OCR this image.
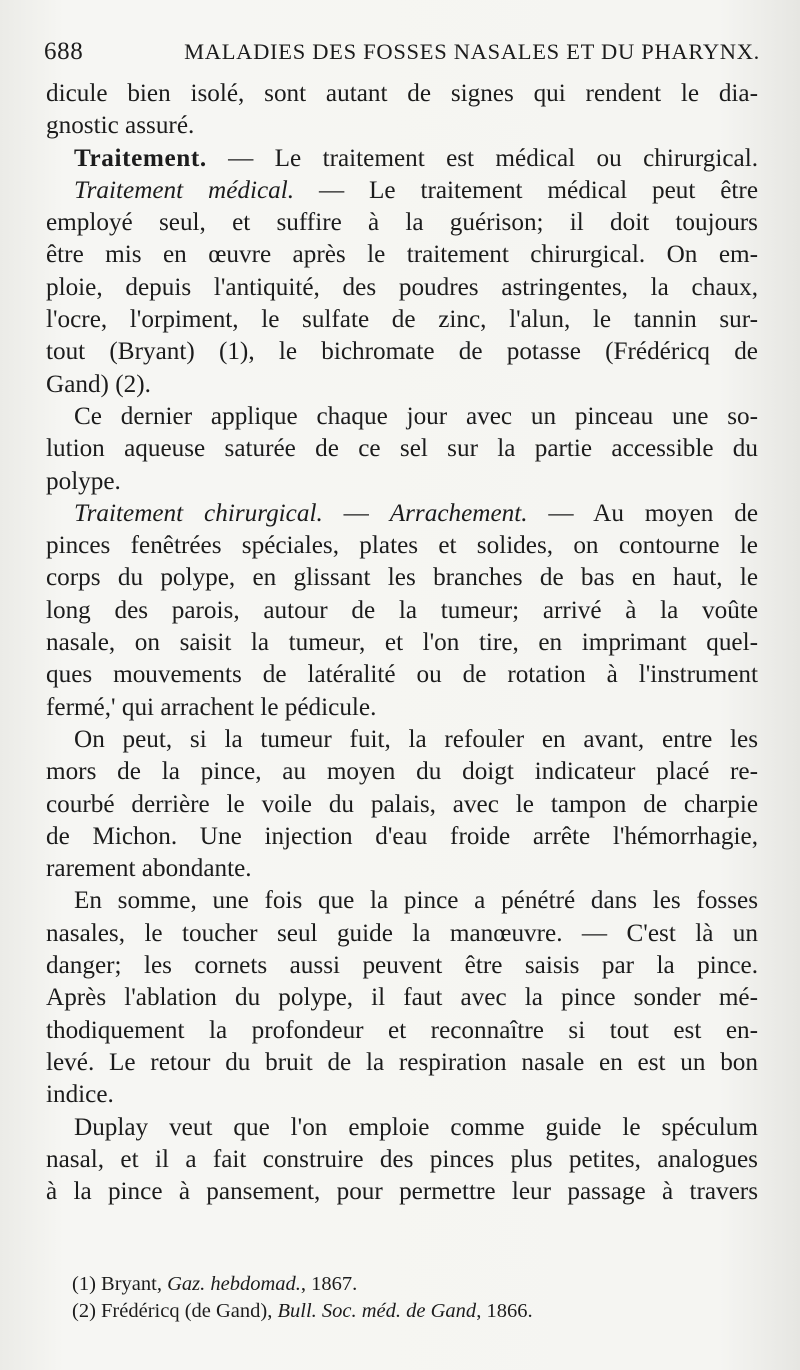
688	MALADIES DES FOSSES NASALES ET DU PHARYNX.
dicule bien isolé, sont autant de signes qui rendent le dia-
gnostic assuré.
Traitement. — Le traitement est médical ou chirurgical.
Traitement médical. — Le traitement médical peut être
employé seul, et suffire à la guérison; il doit toujours
être mis en œuvre après le traitement chirurgical. On em-
ploie, depuis l'antiquité, des poudres astringentes, la chaux,
l'ocre, l'orpiment, le sulfate de zinc, l'alun, le tannin sur-
tout (Bryant) (1), le bichromate de potasse (Frédéricq de
Gand) (2).
Ce dernier applique chaque jour avec un pinceau une so-
lution aqueuse saturée de ce sel sur la partie accessible du
polype.
Traitement chirurgical. — Arrachement. — Au moyen de
pinces fenêtrées spéciales, plates et solides, on contourne le
corps du polype, en glissant les branches de bas en haut, le
long des parois, autour de la tumeur; arrivé à la voûte
nasale, on saisit la tumeur, et l'on tire, en imprimant quel-
ques mouvements de latéralité ou de rotation à l'instrument
fermé,' qui arrachent le pédicule.
On peut, si la tumeur fuit, la refouler en avant, entre les
mors de la pince, au moyen du doigt indicateur placé re-
courbé derrière le voile du palais, avec le tampon de charpie
de Michon. Une injection d'eau froide arrête l'hémorrhagie,
rarement abondante.
En somme, une fois que la pince a pénétré dans les fosses
nasales, le toucher seul guide la manœuvre. — C'est là un
danger; les cornets aussi peuvent être saisis par la pince.
Après l'ablation du polype, il faut avec la pince sonder mé-
thodiquement la profondeur et reconnaître si tout est en-
levé. Le retour du bruit de la respiration nasale en est un bon
indice.
Duplay veut que l'on emploie comme guide le spéculum
nasal, et il a fait construire des pinces plus petites, analogues
à la pince à pansement, pour permettre leur passage à travers
(1) Bryant, Gaz. hebdomad., 1867.
(2) Frédéricq (de Gand), Bull. Soc. méd. de Gand, 1866.
